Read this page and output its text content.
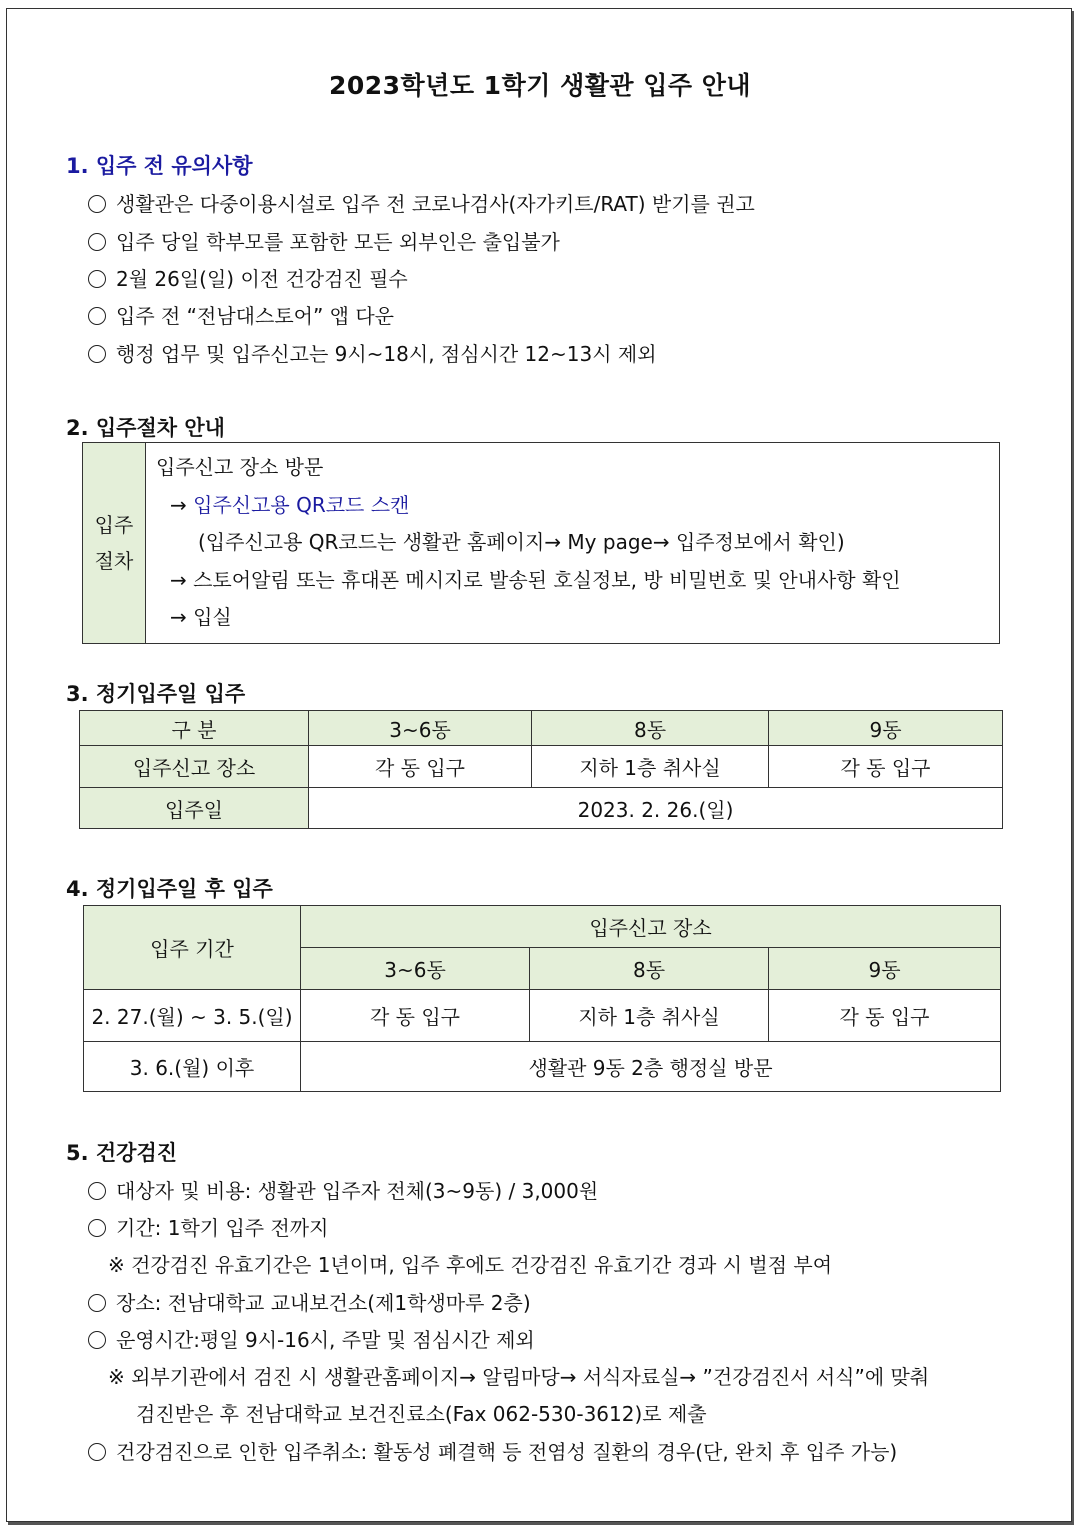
2023학년도 1학기 생활관 입주 안내
1. 입주 전 유의사항
생활관은 다중이용시설로 입주 전 코로나검사(자가키트/RAT) 받기를 권고
입주 당일 학부모를 포함한 모든 외부인은 출입불가
2월 26일(일) 이전 건강검진 필수
입주 전 “전남대스토어” 앱 다운
행정 업무 및 입주신고는 9시~18시, 점심시간 12~13시 제외
2. 입주절차 안내
입주
절차

입주신고 장소 방문
→ 입주신고용 QR코드 스캔
(입주신고용 QR코드는 생활관 홈페이지→ My page→ 입주정보에서 확인)
→ 스토어알림 또는 휴대폰 메시지로 발송된 호실정보, 방 비밀번호 및 안내사항 확인
→ 입실
3. 정기입주일 입주
구 분	3~6동	8동	9동
입주신고 장소	각 동 입구	지하 1층 취사실	각 동 입구
입주일	2023. 2. 26.(일)		
4. 정기입주일 후 입주
입주 기간	입주신고 장소		
	3~6동	8동	9동
2. 27.(월) ~ 3. 5.(일)	각 동 입구	지하 1층 취사실	각 동 입구
3. 6.(월) 이후	생활관 9동 2층 행정실 방문		
5. 건강검진
대상자 및 비용: 생활관 입주자 전체(3~9동) / 3,000원
기간: 1학기 입주 전까지
※ 건강검진 유효기간은 1년이며, 입주 후에도 건강검진 유효기간 경과 시 벌점 부여
장소: 전남대학교 교내보건소(제1학생마루 2층)
운영시간:평일 9시-16시, 주말 및 점심시간 제외
※ 외부기관에서 검진 시 생활관홈페이지→ 알림마당→ 서식자료실→ ”건강검진서 서식”에 맞춰
검진받은 후 전남대학교 보건진료소(Fax 062-530-3612)로 제출
건강검진으로 인한 입주취소: 활동성 폐결핵 등 전염성 질환의 경우(단, 완치 후 입주 가능)
